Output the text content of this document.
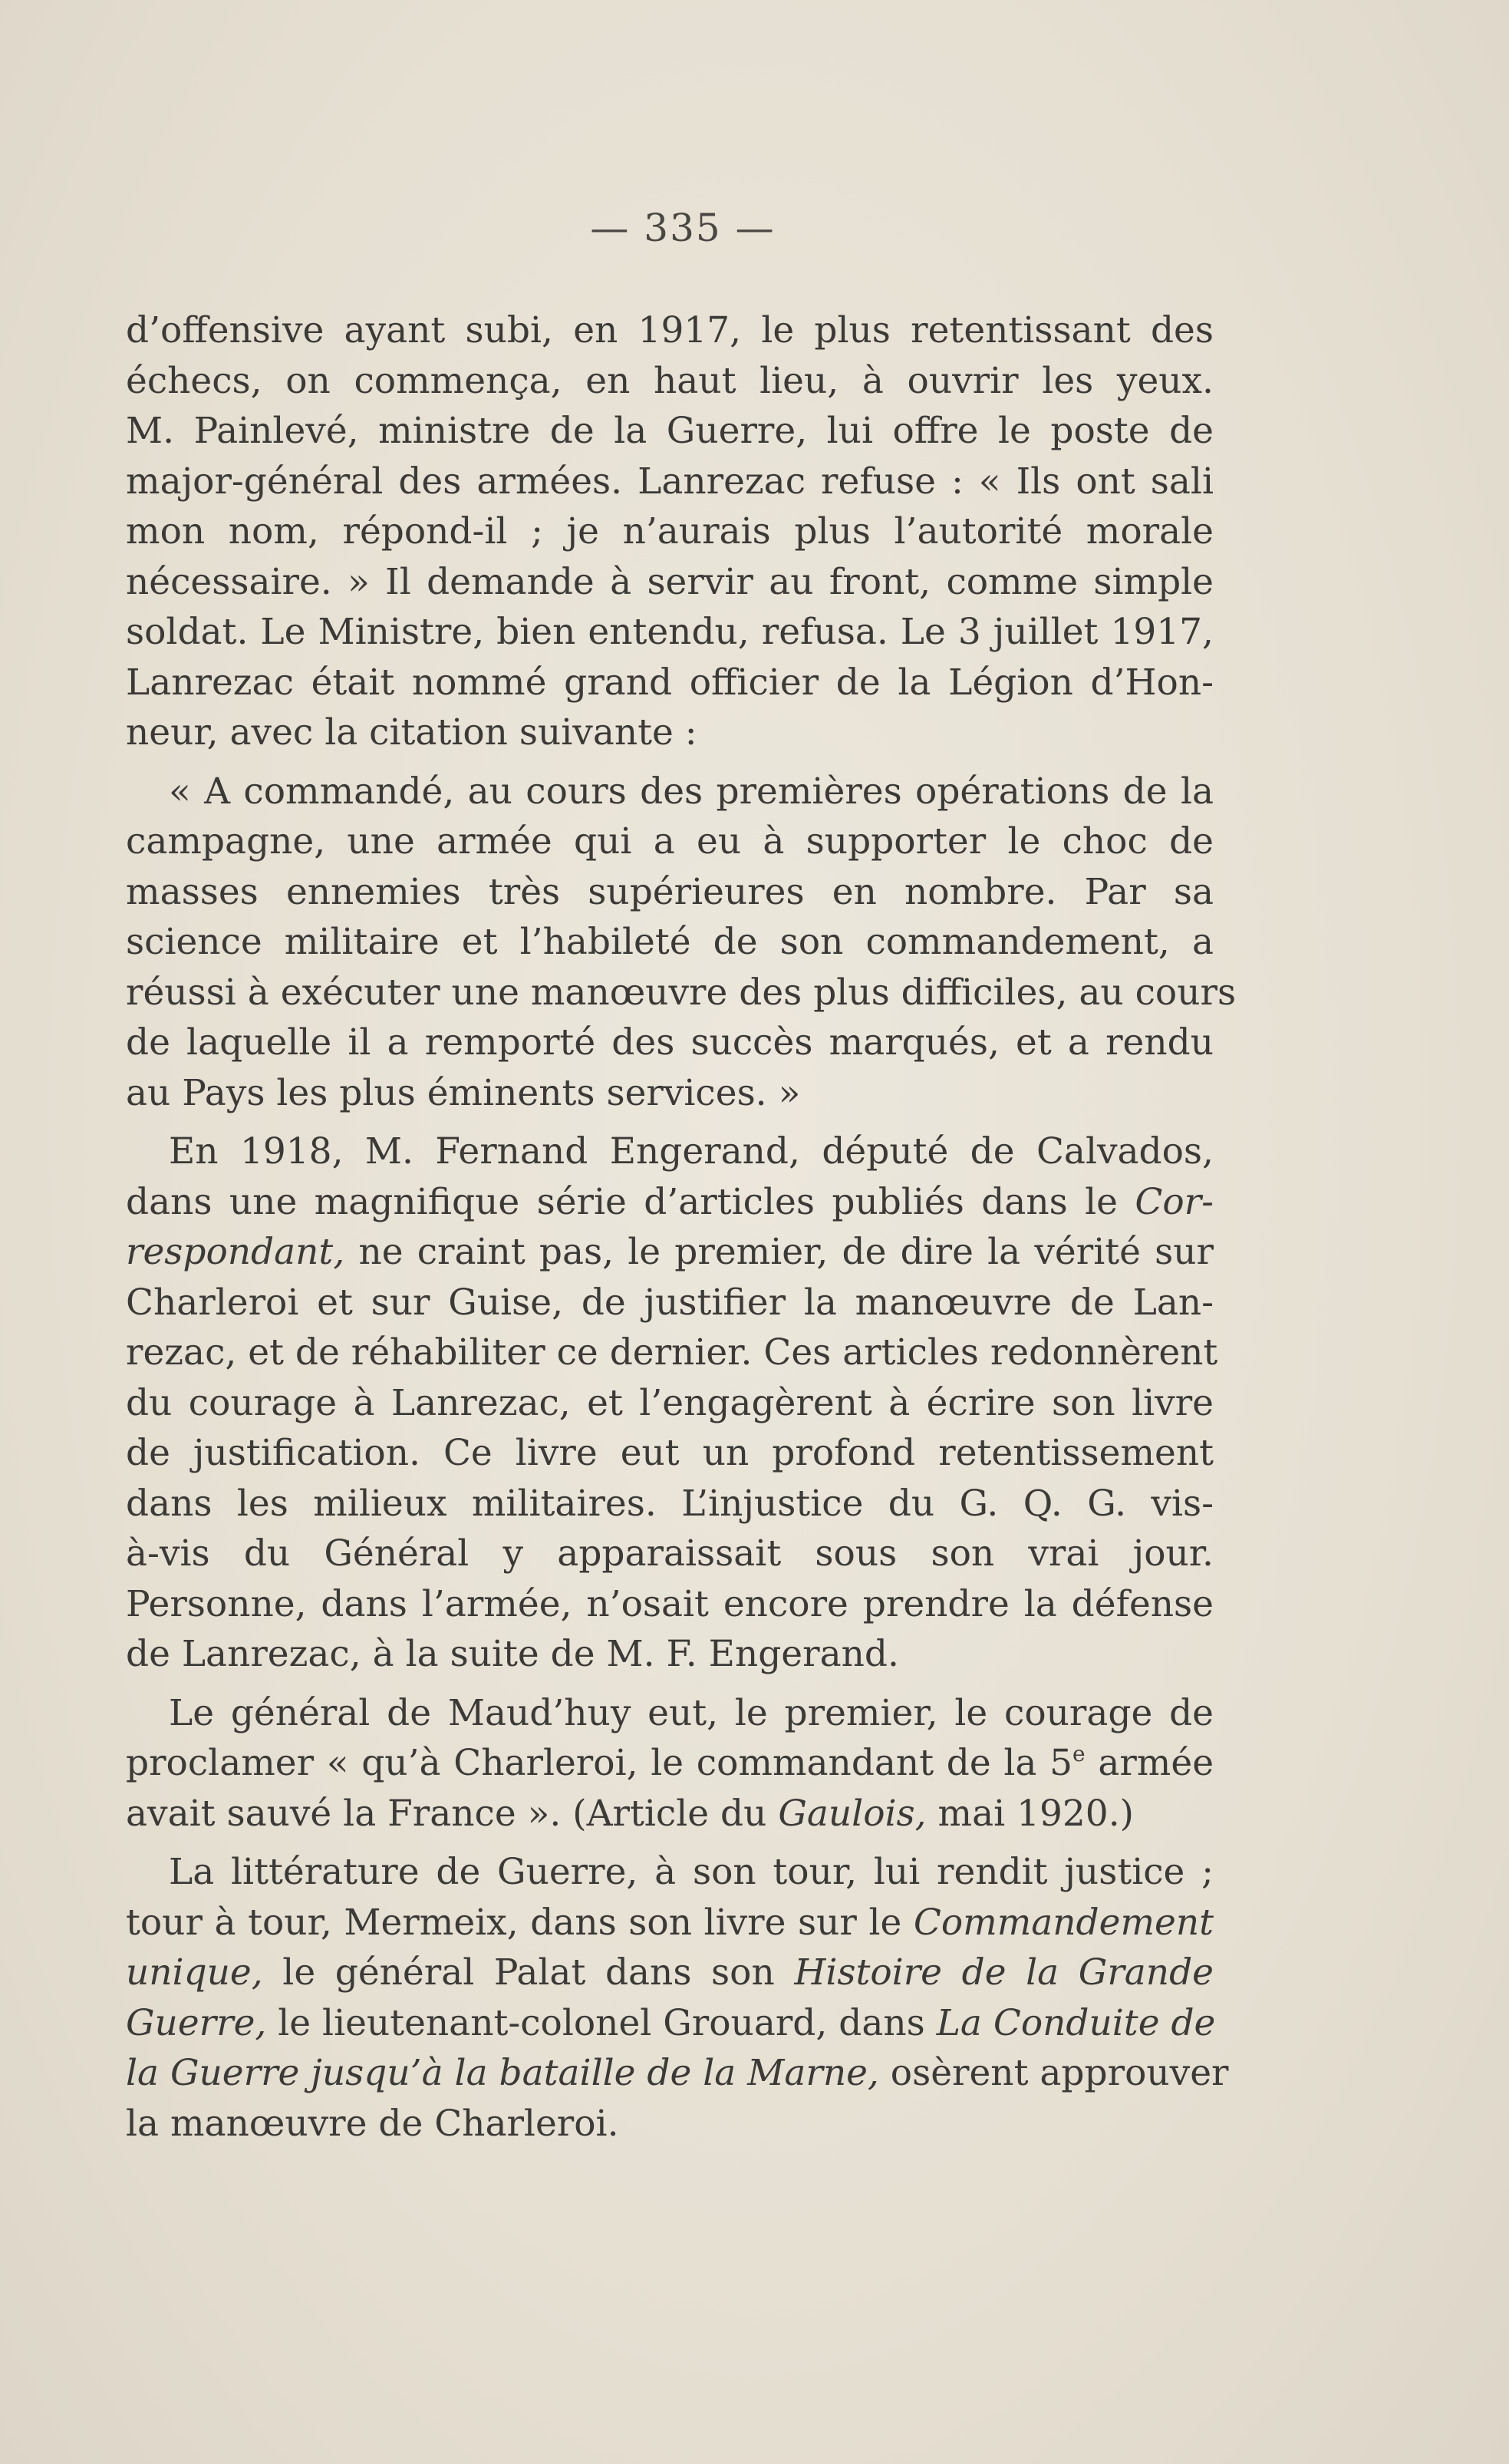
— 335 —
d’offensive ayant subi, en 1917, le plus retentissant des
échecs, on commença, en haut lieu, à ouvrir les yeux.
M. Painlevé, ministre de la Guerre, lui offre le poste de
major-général des armées. Lanrezac refuse : « Ils ont sali
mon nom, répond-il ; je n’aurais plus l’autorité morale
nécessaire. » Il demande à servir au front, comme simple
soldat. Le Ministre, bien entendu, refusa. Le 3 juillet 1917,
Lanrezac était nommé grand officier de la Légion d’Hon-
neur, avec la citation suivante :
« A commandé, au cours des premières opérations de la
campagne, une armée qui a eu à supporter le choc de
masses ennemies très supérieures en nombre. Par sa
science militaire et l’habileté de son commandement, a
réussi à exécuter une manœuvre des plus difficiles, au cours
de laquelle il a remporté des succès marqués, et a rendu
au Pays les plus éminents services. »
En 1918, M. Fernand Engerand, député de Calvados,
dans une magnifique série d’articles publiés dans le Cor-
respondant, ne craint pas, le premier, de dire la vérité sur
Charleroi et sur Guise, de justifier la manœuvre de Lan-
rezac, et de réhabiliter ce dernier. Ces articles redonnèrent
du courage à Lanrezac, et l’engagèrent à écrire son livre
de justification. Ce livre eut un profond retentissement
dans les milieux militaires. L’injustice du G. Q. G. vis-
à-vis du Général y apparaissait sous son vrai jour.
Personne, dans l’armée, n’osait encore prendre la défense
de Lanrezac, à la suite de M. F. Engerand.
Le général de Maud’huy eut, le premier, le courage de
proclamer « qu’à Charleroi, le commandant de la 5e armée
avait sauvé la France ». (Article du Gaulois, mai 1920.)
La littérature de Guerre, à son tour, lui rendit justice ;
tour à tour, Mermeix, dans son livre sur le Commandement
unique, le général Palat dans son Histoire de la Grande
Guerre, le lieutenant-colonel Grouard, dans La Conduite de
la Guerre jusqu’à la bataille de la Marne, osèrent approuver
la manœuvre de Charleroi.
